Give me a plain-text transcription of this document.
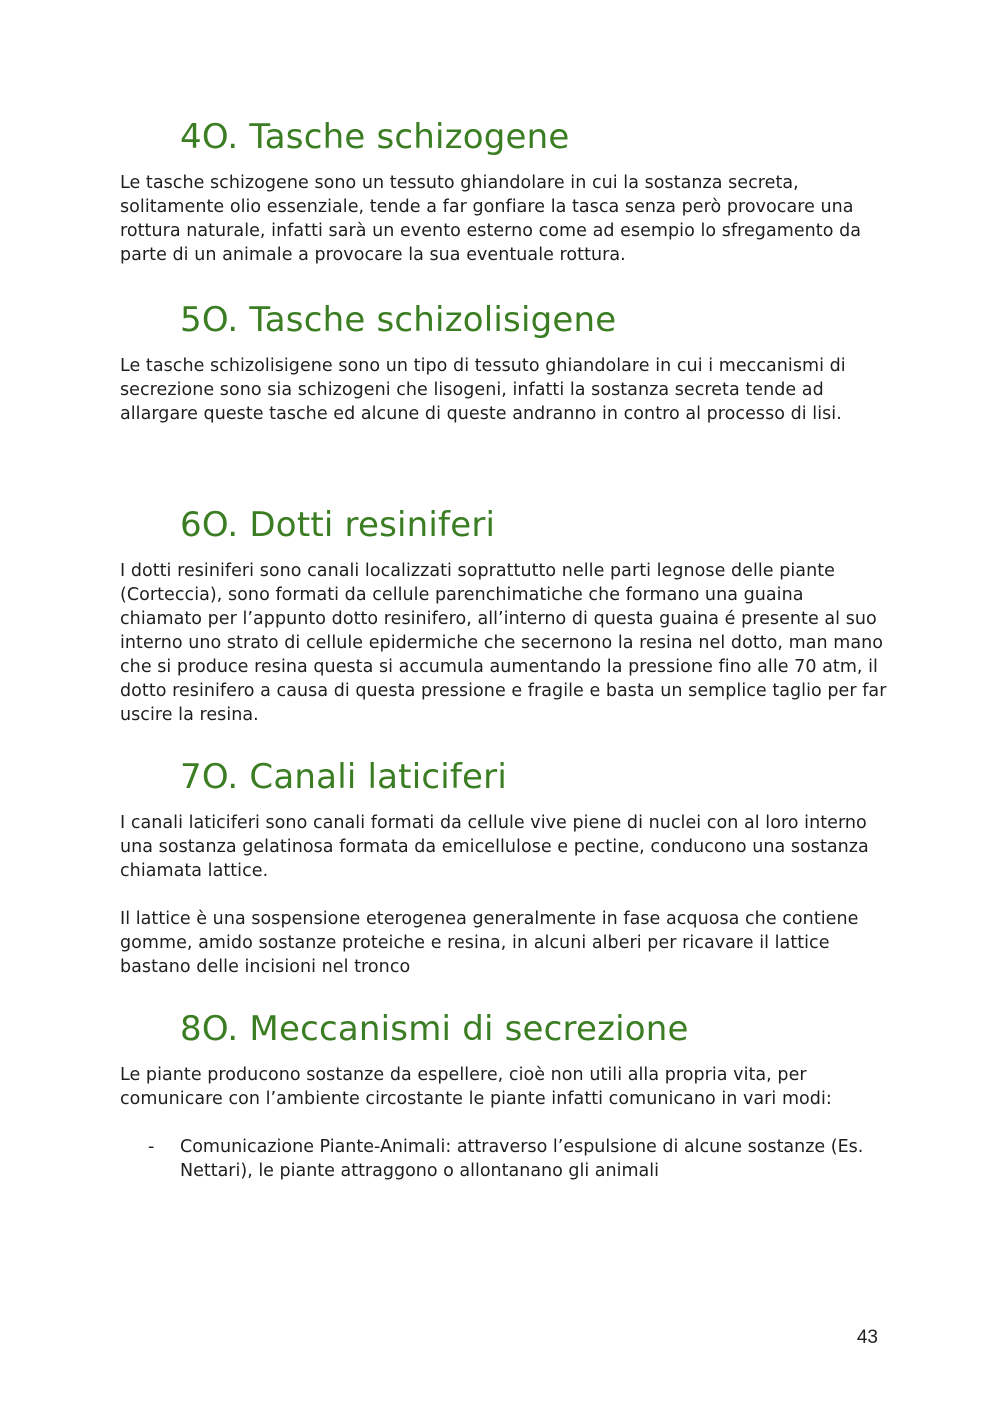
4O. Tasche schizogene

Le tasche schizogene sono un tessuto ghiandolare in cui la sostanza secreta, solitamente olio essenziale, tende a far gonfiare la tasca senza però provocare una rottura naturale, infatti sarà un evento esterno come ad esempio lo sfregamento da parte di un animale a provocare la sua eventuale rottura.

5O. Tasche schizolisigene

Le tasche schizolisigene sono un tipo di tessuto ghiandolare in cui i meccanismi di secrezione sono sia schizogeni che lisogeni, infatti la sostanza secreta tende ad allargare queste tasche ed alcune di queste andranno in contro al processo di lisi.

6O. Dotti resiniferi

I dotti resiniferi sono canali localizzati soprattutto nelle parti legnose delle piante (Corteccia), sono formati da cellule parenchimatiche che formano una guaina chiamato per l’appunto dotto resinifero, all’interno di questa guaina é presente al suo interno uno strato di cellule epidermiche che secernono la resina nel dotto, man mano che si produce resina questa si accumula aumentando la pressione fino alle 70 atm, il dotto resinifero a causa di questa pressione e fragile e basta un semplice taglio per far uscire la resina.

7O. Canali laticiferi

I canali laticiferi sono canali formati da cellule vive piene di nuclei con al loro interno una sostanza gelatinosa formata da emicellulose e pectine, conducono una sostanza chiamata lattice.

Il lattice è una sospensione eterogenea generalmente in fase acquosa che contiene gomme, amido sostanze proteiche e resina, in alcuni alberi per ricavare il lattice bastano delle incisioni nel tronco

8O. Meccanismi di secrezione

Le piante producono sostanze da espellere, cioè non utili alla propria vita, per comunicare con l’ambiente circostante le piante infatti comunicano in vari modi:

- Comunicazione Piante-Animali: attraverso l’espulsione di alcune sostanze (Es. Nettari), le piante attraggono o allontanano gli animali
43
